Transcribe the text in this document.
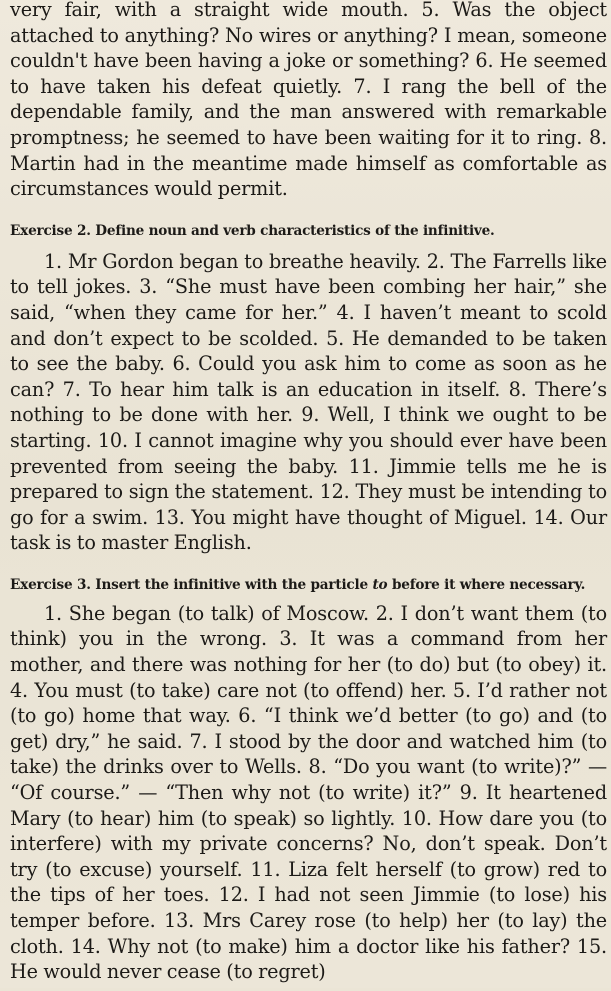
very fair, with a straight wide mouth. 5. Was the object attached to anything? No wires or anything? I mean, someone couldn't have been having a joke or something? 6. He seemed to have taken his defeat quietly. 7. I rang the bell of the dependable family, and the man answered with remarkable promptness; he seemed to have been waiting for it to ring. 8. Martin had in the meantime made himself as comfortable as circumstances would permit.

Exercise 2. Define noun and verb characteristics of the infinitive.

1. Mr Gordon began to breathe heavily. 2. The Farrells like to tell jokes. 3. “She must have been combing her hair,” she said, “when they came for her.” 4. I haven’t meant to scold and don’t expect to be scolded. 5. He demanded to be taken to see the baby. 6. Could you ask him to come as soon as he can? 7. To hear him talk is an education in itself. 8. There’s nothing to be done with her. 9. Well, I think we ought to be starting. 10. I cannot imagine why you should ever have been prevented from seeing the baby. 11. Jimmie tells me he is prepared to sign the statement. 12. They must be intending to go for a swim. 13. You might have thought of Miguel. 14. Our task is to master English.

Exercise 3. Insert the infinitive with the particle to before it where necessary.

1. She began (to talk) of Moscow. 2. I don’t want them (to think) you in the wrong. 3. It was a command from her mother, and there was nothing for her (to do) but (to obey) it. 4. You must (to take) care not (to offend) her. 5. I’d rather not (to go) home that way. 6. “I think we’d better (to go) and (to get) dry,” he said. 7. I stood by the door and watched him (to take) the drinks over to Wells. 8. “Do you want (to write)?” — “Of course.” — “Then why not (to write) it?” 9. It heartened Mary (to hear) him (to speak) so lightly. 10. How dare you (to interfere) with my private concerns? No, don’t speak. Don’t try (to excuse) yourself. 11. Liza felt herself (to grow) red to the tips of her toes. 12. I had not seen Jimmie (to lose) his temper before. 13. Mrs Carey rose (to help) her (to lay) the cloth. 14. Why not (to make) him a doctor like his father? 15. He would never cease (to regret)
